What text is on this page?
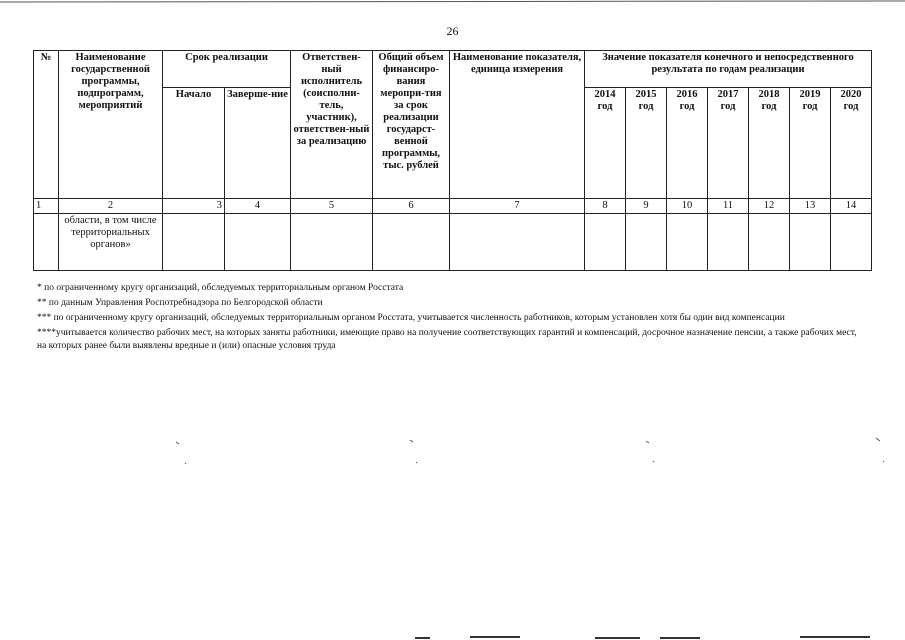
26
№	Наименование государственной программы, подпрограмм, мероприятий	Срок реализации		Ответствен-ный исполнитель (соисполни-тель, участник), ответствен-ный за реализацию	Общий объем финансиро-вания меропри-тия за срок реализации государст-венной программы, тыс. рублей	Наименование показателя, единица измерения	Значение показателя конечного и непосредственного результата по годам реализации						
		Начало	Заверше-ние				2014 год	2015 год	2016 год	2017 год	2018 год	2019 год	2020 год
1	2	3	4	5	6	7	8	9	10	11	12	13	14
	области, в том числе территориальных органов»												

* по ограниченному кругу организаций, обследуемых территориальным органом Росстата

** по данным Управления Роспотребнадзора по Белгородской области

*** по ограниченному кругу организаций, обследуемых территориальным органом Росстата, учитывается численность работников, которым установлен хотя бы один вид компенсации

****учитывается количество рабочих мест, на которых заняты работники, имеющие право на получение соответствующих гарантий и компенсаций, досрочное назначение пенсии, а также рабочих мест, на которых ранее были выявлены вредные и (или) опасные условия труда
